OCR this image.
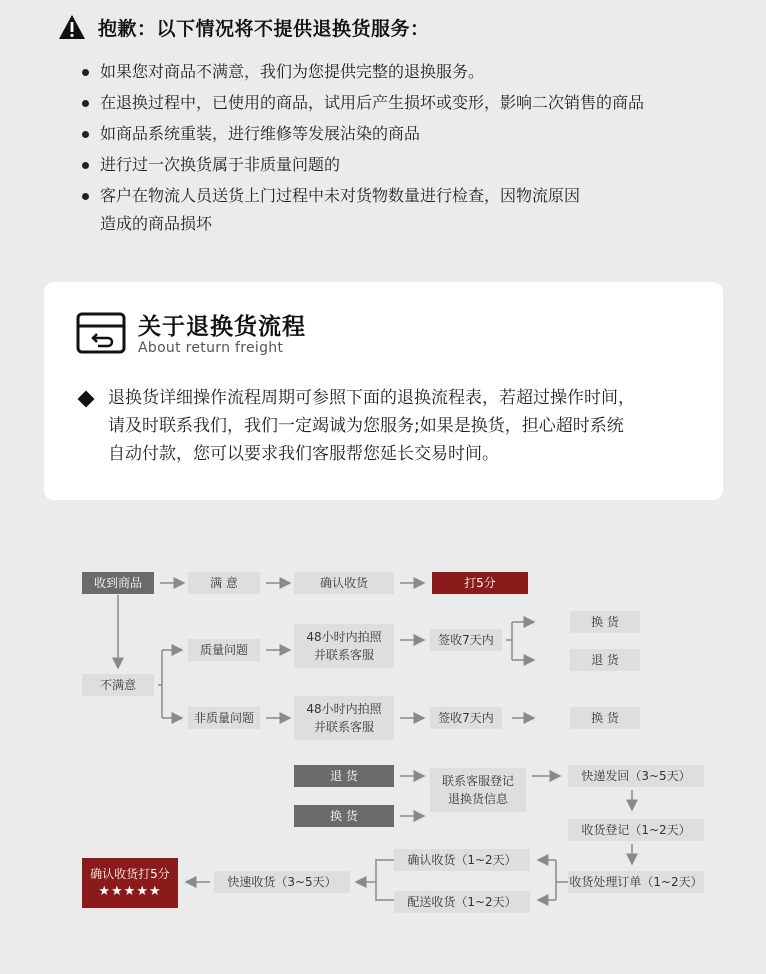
抱歉：以下情况将不提供退换货服务：
如果您对商品不满意，我们为您提供完整的退换服务。
在退换过程中，已使用的商品，试用后产生损坏或变形，影响二次销售的商品
如商品系统重装，进行维修等发展沾染的商品
进行过一次换货属于非质量问题的
客户在物流人员送货上门过程中未对货物数量进行检查，因物流原因
造成的商品损坏
关于退换货流程
About return freight
退换货详细操作流程周期可参照下面的退换流程表，若超过操作时间，
请及时联系我们，我们一定竭诚为您服务;如果是换货，担心超时系统
自动付款，您可以要求我们客服帮您延长交易时间。
收到商品	满 意	确认收货	打5分
不满意
质量问题
48小时内拍照
并联系客服
签收7天内
换 货
退 货
非质量问题
48小时内拍照
并联系客服
签收7天内	换 货
退 货
换 货
联系客服登记
退换货信息
快递发回（3~5天）
收货登记（1~2天）
收货处理订单（1~2天）
确认收货（1~2天）
配送收货（1~2天）
快速收货（3~5天）
确认收货打5分
★★★★★
